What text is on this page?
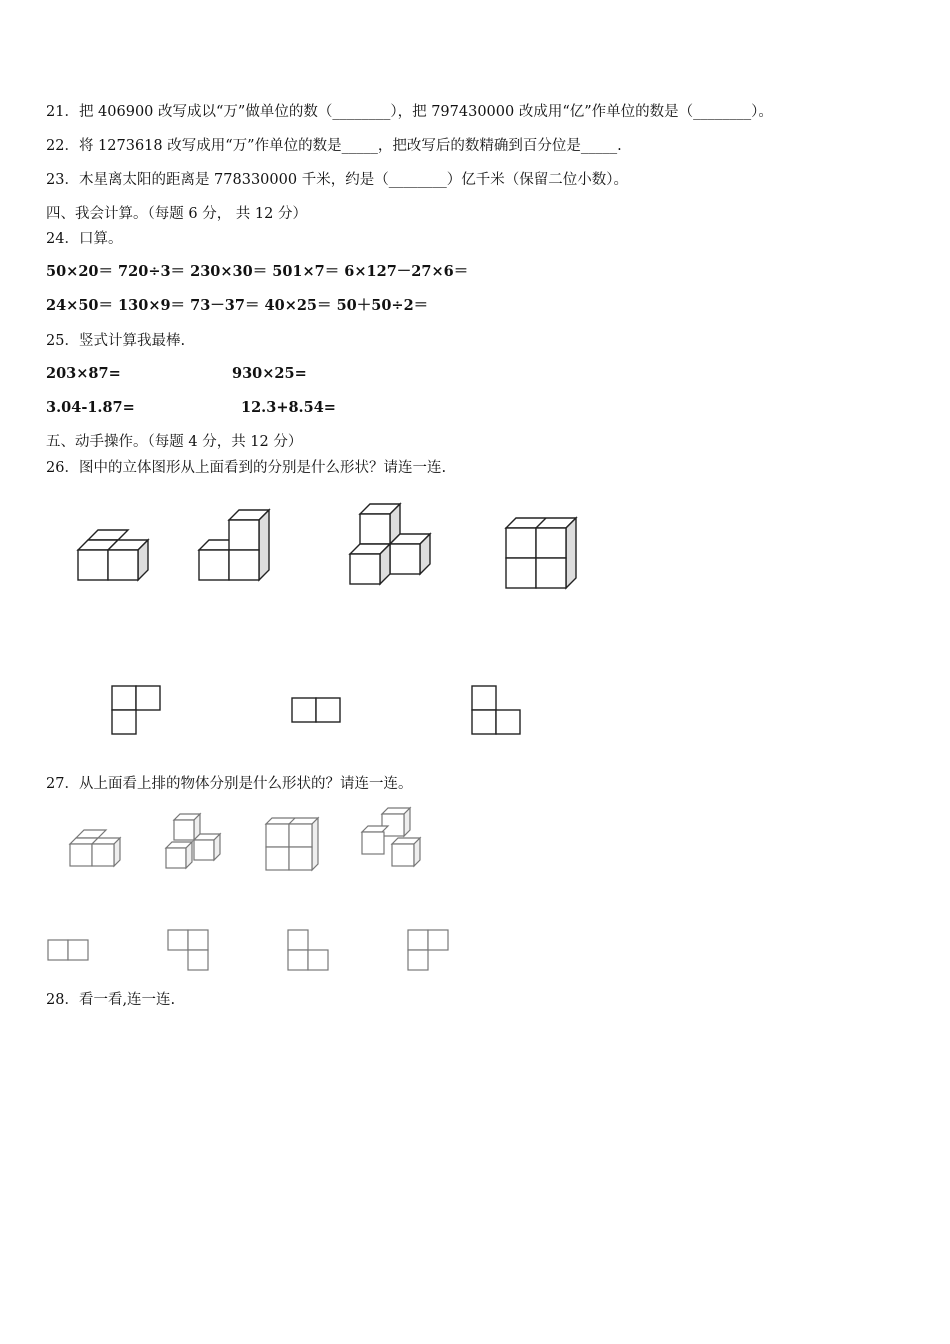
21．把 406900 改写成以“万”做单位的数（________），把 797430000 改成用“亿”作单位的数是（________）。
22．将 1273618 改写成用“万”作单位的数是_____，把改写后的数精确到百分位是_____.
23．木星离太阳的距离是 778330000 千米，约是（________）亿千米（保留二位小数）。
四、我会计算。（每题 6 分， 共 12 分）
24．口算。
50×20＝ 720÷3＝ 230×30＝ 501×7＝ 6×127－27×6＝
24×50＝ 130×9＝ 73－37＝ 40×25＝ 50＋50÷2＝
25．竖式计算我最棒.
203×87=	930×25=
3.04-1.87=	12.3+8.54=
五、动手操作。（每题 4 分，共 12 分）
26．图中的立体图形从上面看到的分别是什么形状？请连一连.
27．从上面看上排的物体分别是什么形状的？请连一连。
28．看一看,连一连.
